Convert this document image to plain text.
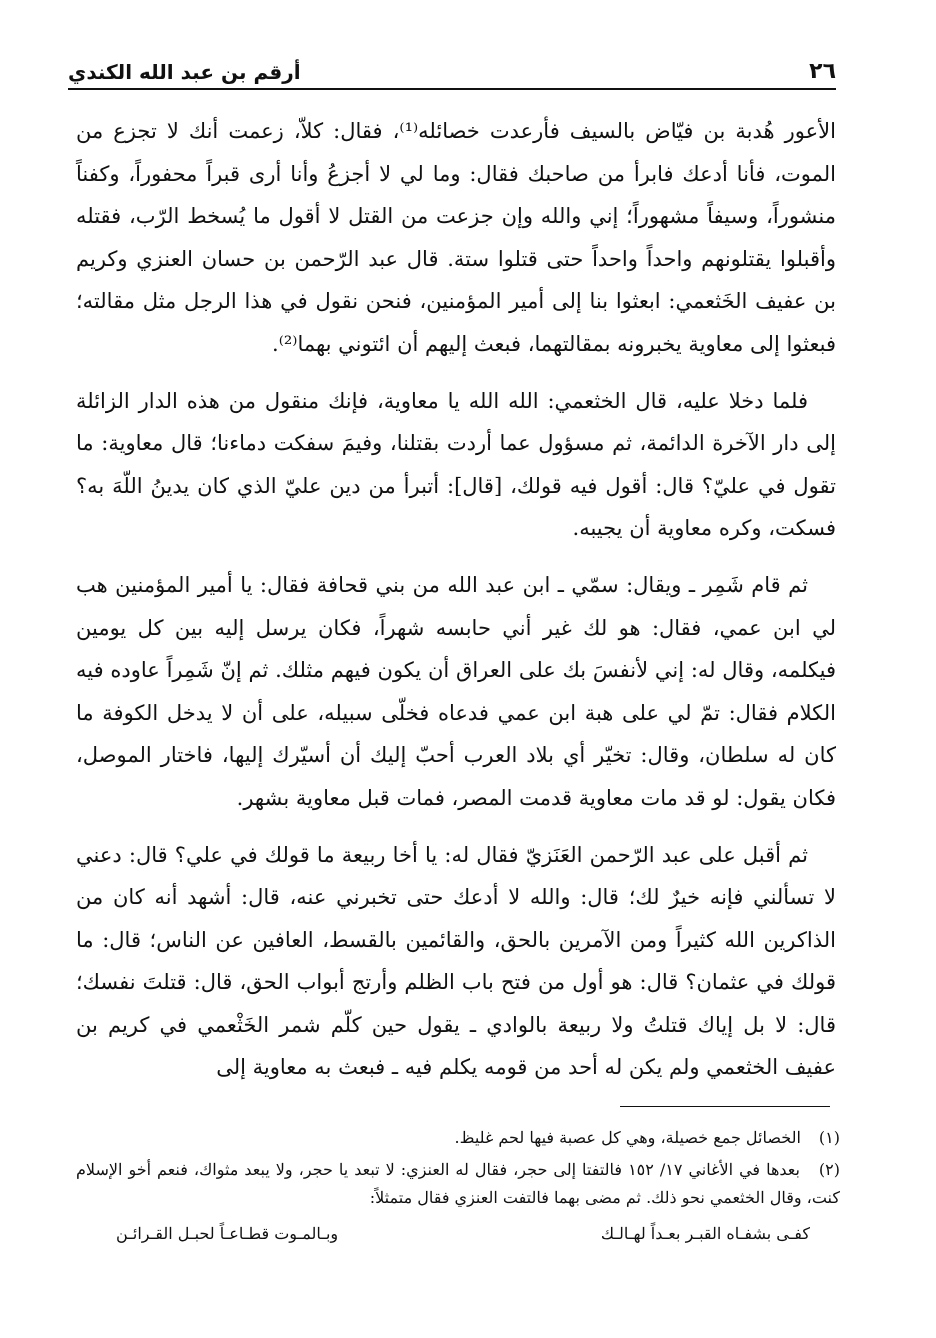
٢٦
أرقم بن عبد الله الكندي

الأعور هُدبة بن فيّاض بالسيف فأرعدت خصائله⁽¹⁾، فقال: كلاّ، زعمت أنك لا تجزع من الموت، فأنا أدعك فابرأ من صاحبك فقال: وما لي لا أجزعُ وأنا أرى قبراً محفوراً، وكفناً منشوراً، وسيفاً مشهوراً؛ إني والله وإن جزعت من القتل لا أقول ما يُسخط الرّب، فقتله وأقبلوا يقتلونهم واحداً واحداً حتى قتلوا ستة. قال عبد الرّحمن بن حسان العنزي وكريم بن عفيف الخَثعمي: ابعثوا بنا إلى أمير المؤمنين، فنحن نقول في هذا الرجل مثل مقالته؛ فبعثوا إلى معاوية يخبرونه بمقالتهما، فبعث إليهم أن ائتوني بهما⁽²⁾.

فلما دخلا عليه، قال الخثعمي: الله الله يا معاوية، فإنك منقول من هذه الدار الزائلة إلى دار الآخرة الدائمة، ثم مسؤول عما أردت بقتلنا، وفيمَ سفكت دماءنا؛ قال معاوية: ما تقول في عليّ؟ قال: أقول فيه قولك، [قال]: أتبرأ من دين عليّ الذي كان يدينُ اللّهَ به؟ فسكت، وكره معاوية أن يجيبه.

ثم قام شَمِر ـ ويقال: سمّي ـ ابن عبد الله من بني قحافة فقال: يا أمير المؤمنين هب لي ابن عمي، فقال: هو لك غير أني حابسه شهراً، فكان يرسل إليه بين كل يومين فيكلمه، وقال له: إني لأنفسَ بك على العراق أن يكون فيهم مثلك. ثم إنّ شَمِراً عاوده فيه الكلام فقال: تمّ لي على هبة ابن عمي فدعاه فخلّى سبيله، على أن لا يدخل الكوفة ما كان له سلطان، وقال: تخيّر أي بلاد العرب أحبّ إليك أن أسيّرك إليها، فاختار الموصل، فكان يقول: لو قد مات معاوية قدمت المصر، فمات قبل معاوية بشهر.

ثم أقبل على عبد الرّحمن العَنَزيّ فقال له: يا أخا ربيعة ما قولك في علي؟ قال: دعني لا تسألني فإنه خيرٌ لك؛ قال: والله لا أدعك حتى تخبرني عنه، قال: أشهد أنه كان من الذاكرين الله كثيراً ومن الآمرين بالحق، والقائمين بالقسط، العافين عن الناس؛ قال: ما قولك في عثمان؟ قال: هو أول من فتح باب الظلم وأرتج أبواب الحق، قال: قتلتَ نفسك؛ قال: لا بل إياك قتلتُ ولا ربيعة بالوادي ـ يقول حين كلّم شمر الخَثْعمي في كريم بن عفيف الخثعمي ولم يكن له أحد من قومه يكلم فيه ـ فبعث به معاوية إلى

(١) الخصائل جمع خصيلة، وهي كل عصبة فيها لحم غليظ.
(٢) بعدها في الأغاني ١٧/ ١٥٢ فالتفتا إلى حجر، فقال له العنزي: لا تبعد يا حجر، ولا يبعد مثواك، فنعم أخو الإسلام كنت، وقال الخثعمي نحو ذلك. ثم مضى بهما فالتفت العنزي فقال متمثلاً:
كفـى بشفـاه القبـر بعـداً لهـالـك
وبـالمـوت قطـاعـاً لحبـل القـرائـن
